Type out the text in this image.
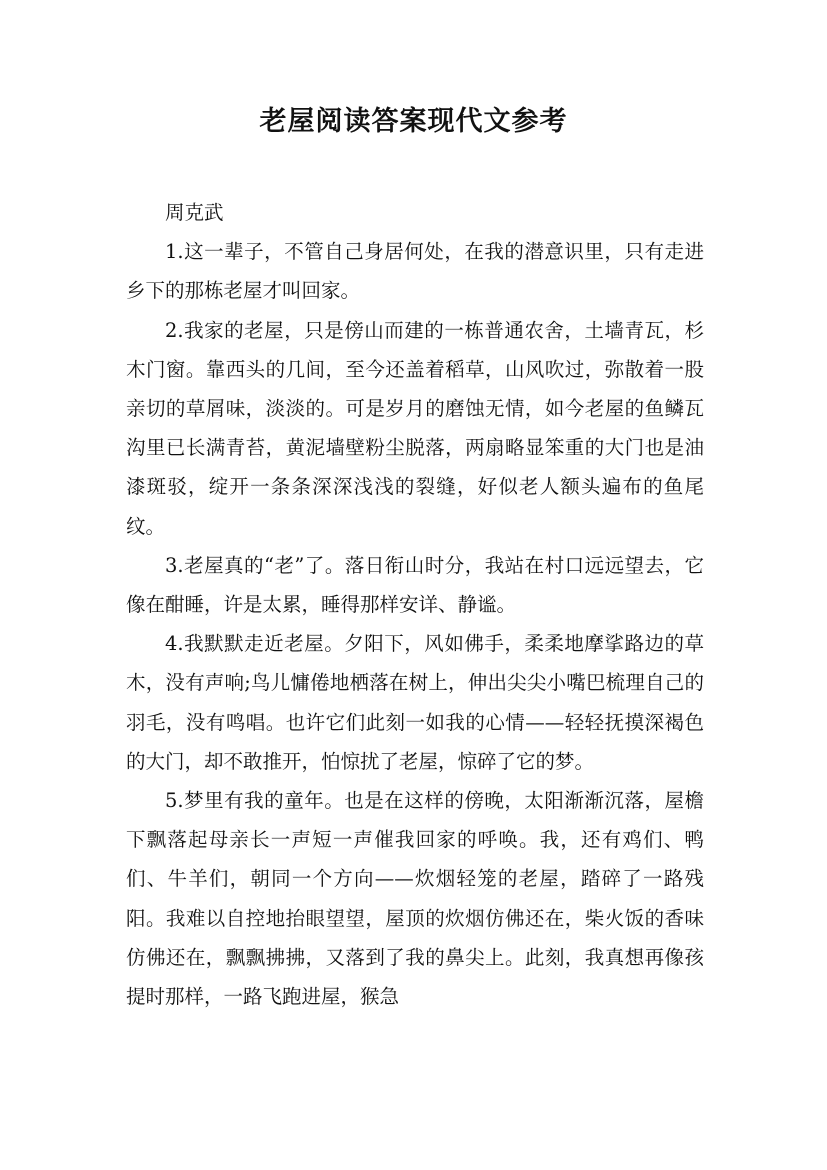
老屋阅读答案现代文参考

周克武

1.这一辈子，不管自己身居何处，在我的潜意识里，只有走进乡下的那栋老屋才叫回家。

2.我家的老屋，只是傍山而建的一栋普通农舍，土墙青瓦，杉木门窗。靠西头的几间，至今还盖着稻草，山风吹过，弥散着一股亲切的草屑味，淡淡的。可是岁月的磨蚀无情，如今老屋的鱼鳞瓦沟里已长满青苔，黄泥墙壁粉尘脱落，两扇略显笨重的大门也是油漆斑驳，绽开一条条深深浅浅的裂缝，好似老人额头遍布的鱼尾纹。

3.老屋真的“老”了。落日衔山时分，我站在村口远远望去，它像在酣睡，许是太累，睡得那样安详、静谧。

4.我默默走近老屋。夕阳下，风如佛手，柔柔地摩挲路边的草木，没有声响;鸟儿慵倦地栖落在树上，伸出尖尖小嘴巴梳理自己的羽毛，没有鸣唱。也许它们此刻一如我的心情——轻轻抚摸深褐色的大门，却不敢推开，怕惊扰了老屋，惊碎了它的梦。

5.梦里有我的童年。也是在这样的傍晚，太阳渐渐沉落，屋檐下飘落起母亲长一声短一声催我回家的呼唤。我，还有鸡们、鸭们、牛羊们，朝同一个方向——炊烟轻笼的老屋，踏碎了一路残阳。我难以自控地抬眼望望，屋顶的炊烟仿佛还在，柴火饭的香味仿佛还在，飘飘拂拂，又落到了我的鼻尖上。此刻，我真想再像孩提时那样，一路飞跑进屋，猴急
